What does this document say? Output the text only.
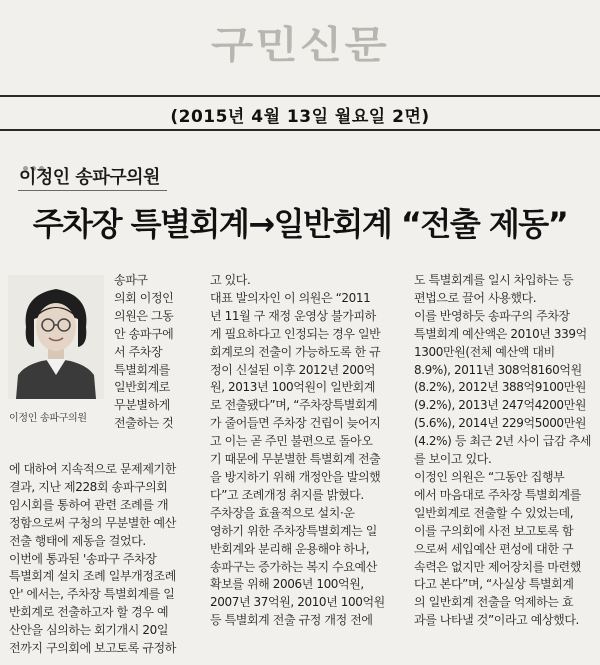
구민신문
(2015년 4월 13일 월요일 2면)
이정인 송파구의원
주차장 특별회계→일반회계 “전출 제동”
이정인 송파구의원
송파구
의회 이정인
의원은 그동
안 송파구에
서 주차장
특별회계를
일반회계로
무분별하게
전출하는 것
에 대하여 지속적으로 문제제기한
결과, 지난 제228회 송파구의회
임시회를 통하여 관련 조례를 개
정함으로써 구청의 무분별한 예산
전출 행태에 제동을 걸었다.
이번에 통과된 '송파구 주차장
특별회계 설치 조례 일부개정조례
안' 에서는, 주차장 특별회계를 일
반회계로 전출하고자 할 경우 예
산안을 심의하는 회기개시 20일
전까지 구의회에 보고토록 규정하
고 있다.
대표 발의자인 이 의원은 “2011
년 11월 구 재정 운영상 불가피하
게 필요하다고 인정되는 경우 일반
회계로의 전출이 가능하도록 한 규
정이 신설된 이후 2012년 200억
원, 2013년 100억원이 일반회계
로 전출됐다”며, “주차장특별회계
가 줄어들면 주차장 건립이 늦어지
고 이는 곧 주민 불편으로 돌아오
기 때문에 무분별한 특별회계 전출
을 방지하기 위해 개정안을 발의했
다”고 조례개정 취지를 밝혔다.
주차장을 효율적으로 설치·운
영하기 위한 주차장특별회계는 일
반회계와 분리해 운용해야 하나,
송파구는 증가하는 복지 수요예산
확보를 위해 2006년 100억원,
2007년 37억원, 2010년 100억원
등 특별회계 전출 규정 개정 전에
도 특별회계를 일시 차입하는 등
편법으로 끌어 사용했다.
이를 반영하듯 송파구의 주차장
특별회계 예산액은 2010년 339억
1300만원(전체 예산액 대비
8.9%), 2011년 308억8160억원
(8.2%), 2012년 388억9100만원
(9.2%), 2013년 247억4200만원
(5.6%), 2014년 229억5000만원
(4.2%) 등 최근 2년 사이 급감 추세
를 보이고 있다.
이정인 의원은 “그동안 집행부
에서 마음대로 주차장 특별회계를
일반회계로 전출할 수 있었는데,
이를 구의회에 사전 보고토록 함
으로써 세입예산 편성에 대한 구
속력은 없지만 제어장치를 마련했
다고 본다”며, “사실상 특별회계
의 일반회계 전출을 억제하는 효
과를 나타낼 것”이라고 예상했다.
